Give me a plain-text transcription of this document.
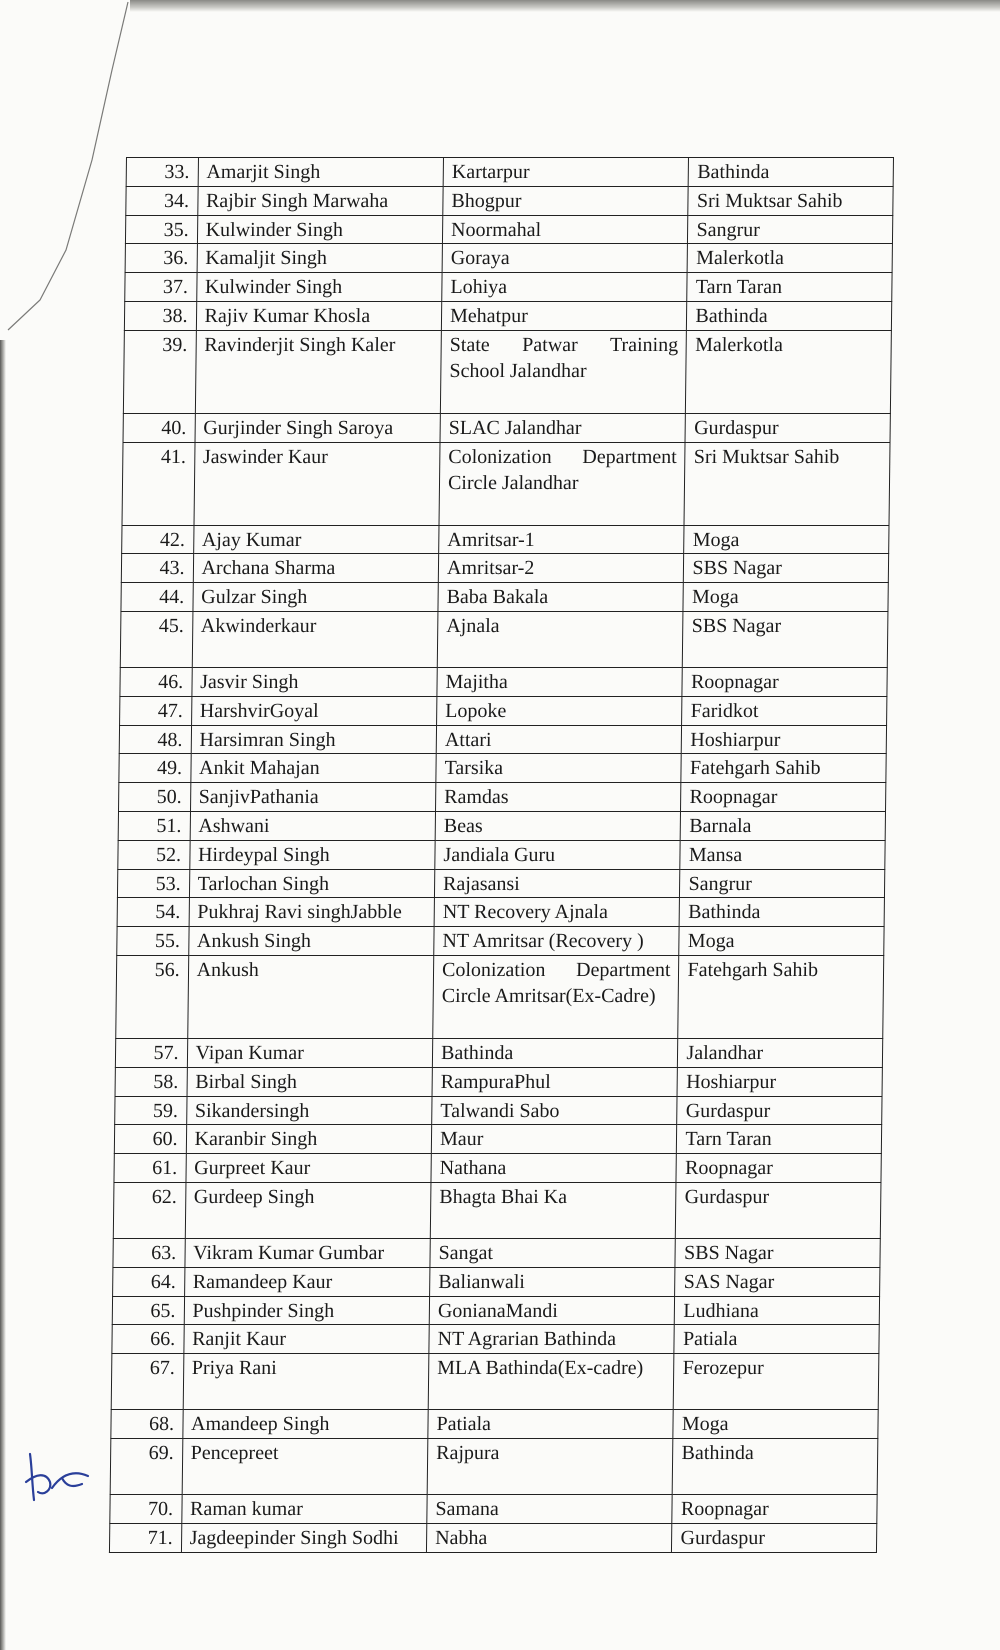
33.	Amarjit Singh	Kartarpur	Bathinda
34.	Rajbir Singh Marwaha	Bhogpur	Sri Muktsar Sahib
35.	Kulwinder Singh	Noormahal	Sangrur
36.	Kamaljit Singh	Goraya	Malerkotla
37.	Kulwinder Singh	Lohiya	Tarn Taran
38.	Rajiv Kumar Khosla	Mehatpur	Bathinda
39.	Ravinderjit Singh Kaler	State Patwar Training School Jalandhar	Malerkotla
40.	Gurjinder Singh Saroya	SLAC Jalandhar	Gurdaspur
41.	Jaswinder Kaur	Colonization Department Circle Jalandhar	Sri Muktsar Sahib
42.	Ajay Kumar	Amritsar-1	Moga
43.	Archana Sharma	Amritsar-2	SBS Nagar
44.	Gulzar Singh	Baba Bakala	Moga
45.	Akwinderkaur	Ajnala	SBS Nagar
46.	Jasvir Singh	Majitha	Roopnagar
47.	HarshvirGoyal	Lopoke	Faridkot
48.	Harsimran Singh	Attari	Hoshiarpur
49.	Ankit Mahajan	Tarsika	Fatehgarh Sahib
50.	SanjivPathania	Ramdas	Roopnagar
51.	Ashwani	Beas	Barnala
52.	Hirdeypal Singh	Jandiala Guru	Mansa
53.	Tarlochan Singh	Rajasansi	Sangrur
54.	Pukhraj Ravi singhJabble	NT Recovery Ajnala	Bathinda
55.	Ankush Singh	NT Amritsar (Recovery )	Moga
56.	Ankush	Colonization Department Circle Amritsar(Ex-Cadre)	Fatehgarh Sahib
57.	Vipan Kumar	Bathinda	Jalandhar
58.	Birbal Singh	RampuraPhul	Hoshiarpur
59.	Sikandersingh	Talwandi Sabo	Gurdaspur
60.	Karanbir Singh	Maur	Tarn Taran
61.	Gurpreet Kaur	Nathana	Roopnagar
62.	Gurdeep Singh	Bhagta Bhai Ka	Gurdaspur
63.	Vikram Kumar Gumbar	Sangat	SBS Nagar
64.	Ramandeep Kaur	Balianwali	SAS Nagar
65.	Pushpinder Singh	GonianaMandi	Ludhiana
66.	Ranjit Kaur	NT Agrarian Bathinda	Patiala
67.	Priya Rani	MLA Bathinda(Ex-cadre)	Ferozepur
68.	Amandeep Singh	Patiala	Moga
69.	Pencepreet	Rajpura	Bathinda
70.	Raman kumar	Samana	Roopnagar
71.	Jagdeepinder Singh Sodhi	Nabha	Gurdaspur
